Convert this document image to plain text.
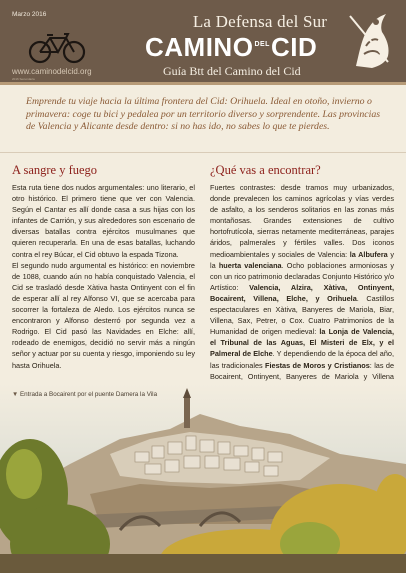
Marzo 2016
www.caminodelcid.org
2016 Secundaria
La Defensa del Sur
$CAMINO^{DEL}CID$
Guía Btt del Camino del Cid
Emprende tu viaje hacia la última frontera del Cid: Orihuela. Ideal en otoño, invierno o primavera: coge tu bici y pedalea por un territorio diverso y sorprendente. Las provincias de Valencia y Alicante desde dentro: si no has ido, no sabes lo que te pierdes.
A sangre y fuego
Esta ruta tiene dos nudos argumentales: uno literario, el otro histórico. El primero tiene que ver con Valencia. Según el Cantar es allí donde casa a sus hijas con los infantes de Carrión, y sus alrededores son escenario de diversas batallas contra ejércitos musulmanes que quieren recuperarla. En una de esas batallas, luchando contra el rey Búcar, el Cid obtuvo la espada Tizona.
El segundo nudo argumental es histórico: en noviembre de 1088, cuando aún no había conquistado Valencia, el Cid se trasladó desde Xàtiva hasta Ontinyent con el fin de esperar allí al rey Alfonso VI, que se acercaba para socorrer la fortaleza de Aledo. Los ejércitos nunca se encontraron y Alfonso desterró por segunda vez a Rodrigo. El Cid pasó las Navidades en Elche: allí, rodeado de enemigos, decidió no servir más a ningún señor y actuar por su cuenta y riesgo, imponiendo su ley hasta Orihuela.
¿Qué vas a encontrar?
Fuertes contrastes: desde tramos muy urbanizados, donde prevalecen los caminos agrícolas y vías verdes de asfalto, a los senderos solitarios en las zonas más montañosas. Grandes extensiones de cultivo hortofrutícola, sierras netamente mediterráneas, parajes áridos, palmerales y fértiles valles. Dos iconos medioambientales y sociales de Valencia: la Albufera y la huerta valenciana. Ocho poblaciones armoniosas y con un rico patrimonio declaradas Conjunto Histórico y/o Artístico: Valencia, Alzira, Xàtiva, Ontinyent, Bocairent, Villena, Elche, y Orihuela. Castillos espectaculares en Xàtiva, Banyeres de Mariola, Biar, Villena, Sax, Petrer, o Cox. Cuatro Patrimonios de la Humanidad de origen medieval: la Lonja de Valencia, el Tribunal de las Aguas, El Misteri de Elx, y el Palmeral de Elche. Y dependiendo de la época del año, las tradicionales Fiestas de Moros y Cristianos: las de Bocairent, Ontinyent, Banyeres de Mariola y Villena
▼ Entrada a Bocairent por el puente Damera la Vila
